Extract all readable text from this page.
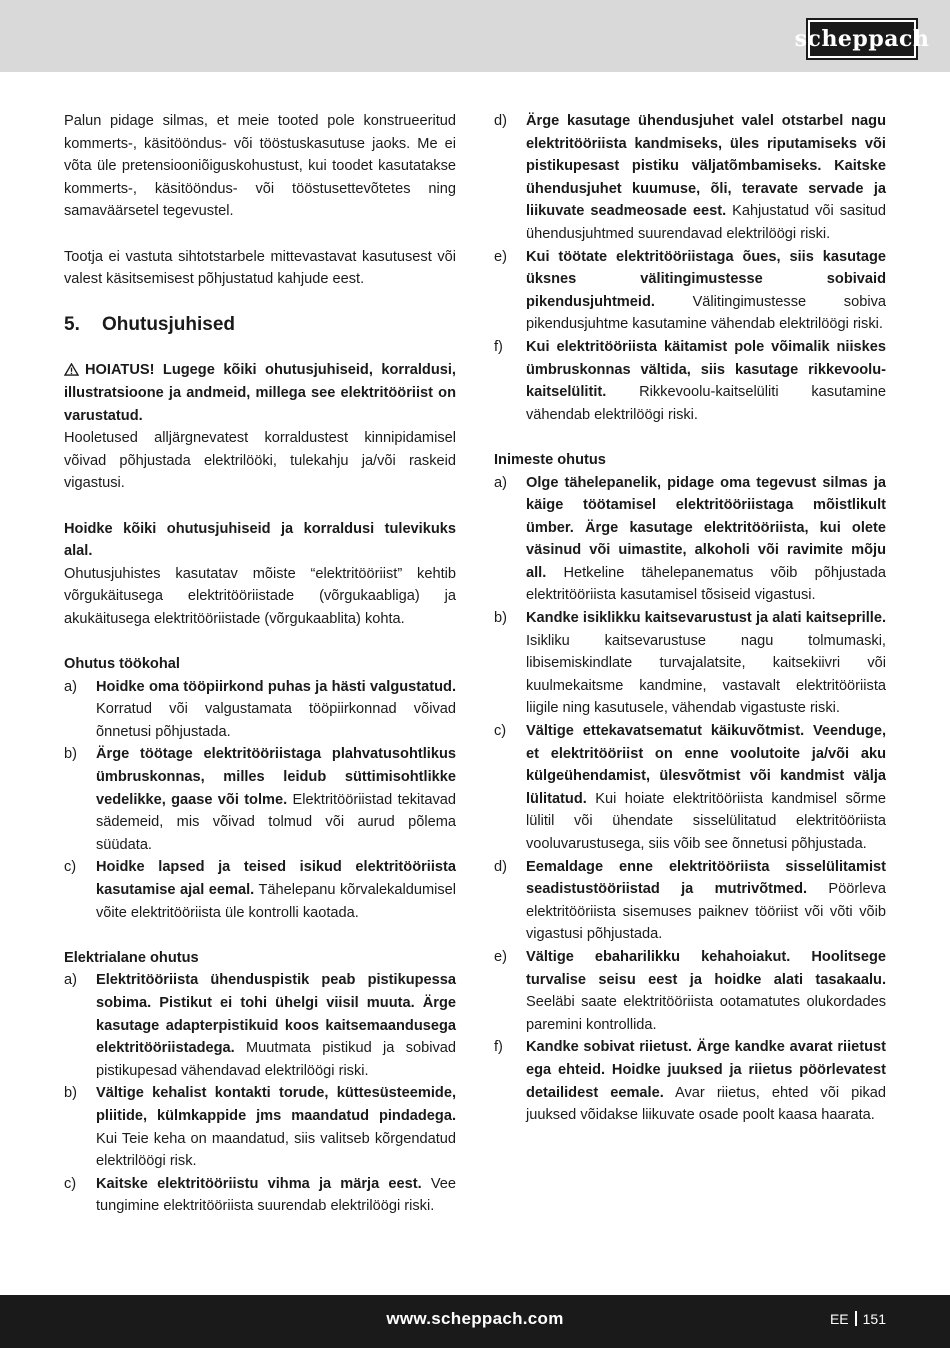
scheppach

Palun pidage silmas, et meie tooted pole konstrueeritud kommerts-, käsitööndus- või tööstuskasutuse jaoks. Me ei võta üle pretensiooniõiguskohustust, kui toodet kasutatakse kommerts-, käsitööndus- või tööstusettevõtetes ning samaväärsetel tegevustel.

Tootja ei vastuta sihtotstarbele mittevastavat kasutusest või valest käsitsemisest põhjustatud kahjude eest.

5. Ohutusjuhised

HOIATUS! Lugege kõiki ohutusjuhiseid, korraldusi, illustratsioone ja andmeid, millega see elektritööriist on varustatud.

Hooletused alljärgnevatest korraldustest kinnipidamisel võivad põhjustada elektrilööki, tulekahju ja/või raskeid vigastusi.

Hoidke kõiki ohutusjuhiseid ja korraldusi tulevikuks alal.

Ohutusjuhistes kasutatav mõiste “elektritööriist” kehtib võrgukäitusega elektritööriistade (võrgukaabliga) ja akukäitusega elektritööriistade (võrgukaablita) kohta.

Ohutus töökohal

a)	Hoidke oma tööpiirkond puhas ja hästi valgustatud. Korratud või valgustamata tööpiirkonnad võivad õnnetusi põhjustada.
b)	Ärge töötage elektritööriistaga plahvatusohtlikus ümbruskonnas, milles leidub süttimisohtlikke vedelikke, gaase või tolme. Elektritööriistad tekitavad sädemeid, mis võivad tolmud või aurud põlema süüdata.
c)	Hoidke lapsed ja teised isikud elektritööriista kasutamise ajal eemal. Tähelepanu kõrvalekaldumisel võite elektritööriista üle kontrolli kaotada.

Elektrialane ohutus

a)	Elektritööriista ühenduspistik peab pistikupessa sobima. Pistikut ei tohi ühelgi viisil muuta. Ärge kasutage adapterpistikuid koos kaitsemaandusega elektritööriistadega. Muutmata pistikud ja sobivad pistikupesad vähendavad elektrilöögi riski.
b)	Vältige kehalist kontakti torude, küttesüsteemide, pliitide, külmkappide jms maandatud pindadega. Kui Teie keha on maandatud, siis valitseb kõrgendatud elektrilöögi risk.
c)	Kaitske elektritööriistu vihma ja märja eest. Vee tungimine elektritööriista suurendab elektrilöögi riski.
d)	Ärge kasutage ühendusjuhet valel otstarbel nagu elektritööriista kandmiseks, üles riputamiseks või pistikupesast pistiku väljatõmbamiseks. Kaitske ühendusjuhet kuumuse, õli, teravate servade ja liikuvate seadmeosade eest. Kahjustatud või sasitud ühendusjuhtmed suurendavad elektrilöögi riski.
e)	Kui töötate elektritööriistaga õues, siis kasutage üksnes välitingimustesse sobivaid pikendusjuhtmeid.	Välitingimustesse sobiva pikendusjuhtme kasutamine vähendab elektrilöögi riski.
f)	Kui elektritööriista käitamist pole võimalik niiskes ümbruskonnas vältida, siis kasutage rikkevoolu-kaitselülitit. Rikkevoolu-kaitselüliti kasutamine vähendab elektrilöögi riski.

Inimeste ohutus

a)	Olge tähelepanelik, pidage oma tegevust silmas ja käige töötamisel elektritööriistaga mõistlikult ümber. Ärge kasutage elektritööriista, kui olete väsinud või uimastite, alkoholi või ravimite mõju all. Hetkeline tähelepanematus võib põhjustada elektritööriista kasutamisel tõsiseid vigastusi.
b)	Kandke isiklikku kaitsevarustust ja alati kaitseprille. Isikliku kaitsevarustuse nagu tolmumaski, libisemiskindlate turvajalatsite, kaitsekiivri või kuulmekaitsme kandmine, vastavalt elektritööriista liigile ning kasutusele, vähendab vigastuste riski.
c)	Vältige ettekavatsematut käikuvõtmist. Veenduge, et elektritööriist on enne voolutoite ja/või aku külgeühendamist, ülesvõtmist või kandmist välja lülitatud. Kui hoiate elektritööriista kandmisel sõrme lülitil või ühendate sisselülitatud elektritööriista vooluvarustusega, siis võib see õnnetusi põhjustada.
d)	Eemaldage enne elektritööriista sisselülitamist seadistustööriistad ja mutrivõtmed. Pöörleva elektritööriista sisemuses paiknev tööriist või võti võib vigastusi põhjustada.
e)	Vältige ebaharilikku kehahoiakut. Hoolitsege turvalise seisu eest ja hoidke alati tasakaalu. Seeläbi saate elektritööriista ootamatutes olukordades paremini kontrollida.
f)	Kandke sobivat riietust. Ärge kandke avarat riietust ega ehteid. Hoidke juuksed ja riietus pöörlevatest detailidest eemale. Avar riietus, ehted või pikad juuksed võidakse liikuvate osade poolt kaasa haarata.
www.scheppach.com	EE 151
